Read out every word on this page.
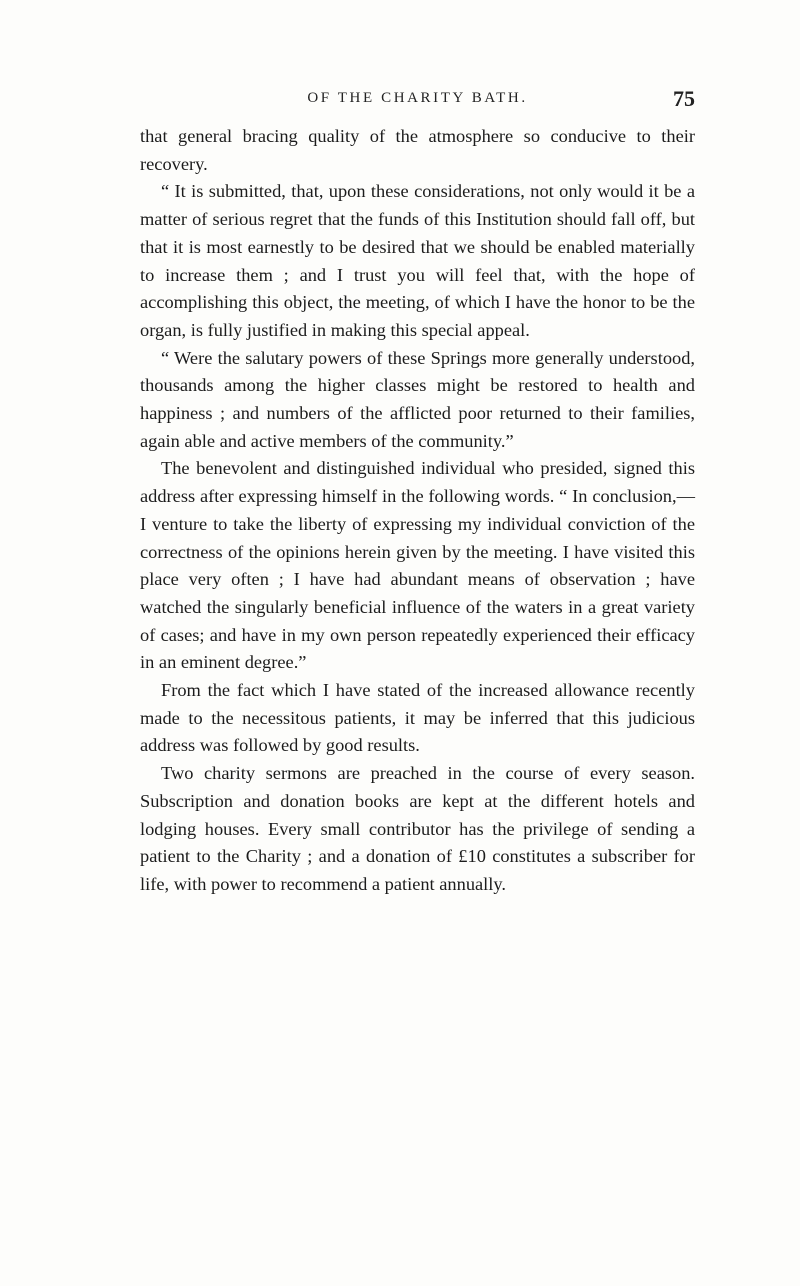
OF THE CHARITY BATH.	75

that general bracing quality of the atmosphere so conducive to their recovery.

“ It is submitted, that, upon these considerations, not only would it be a matter of serious regret that the funds of this Institution should fall off, but that it is most earnestly to be desired that we should be enabled materially to increase them ; and I trust you will feel that, with the hope of accomplishing this object, the meeting, of which I have the honor to be the organ, is fully justified in making this special appeal.

“ Were the salutary powers of these Springs more generally understood, thousands among the higher classes might be restored to health and happiness ; and numbers of the afflicted poor returned to their families, again able and active members of the community.”

The benevolent and distinguished individual who presided, signed this address after expressing himself in the following words. “ In conclusion,—I venture to take the liberty of expressing my individual conviction of the correctness of the opinions herein given by the meeting. I have visited this place very often ; I have had abundant means of observation ; have watched the singularly beneficial influence of the waters in a great variety of cases; and have in my own person repeatedly experienced their efficacy in an eminent degree.”

From the fact which I have stated of the increased allowance recently made to the necessitous patients, it may be inferred that this judicious address was followed by good results.

Two charity sermons are preached in the course of every season. Subscription and donation books are kept at the different hotels and lodging houses. Every small contributor has the privilege of sending a patient to the Charity ; and a donation of £10 constitutes a subscriber for life, with power to recommend a patient annually.
